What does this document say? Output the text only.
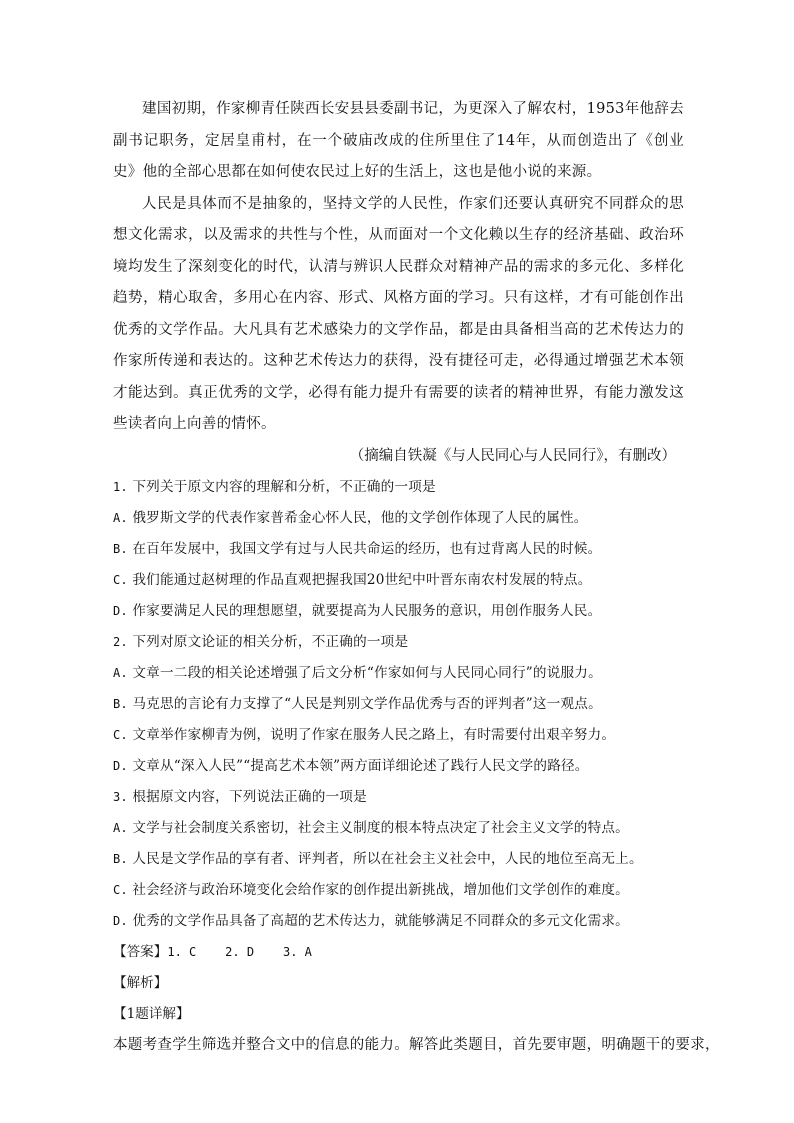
建国初期，作家柳青任陕西长安县县委副书记，为更深入了解农村，1953年他辞去副书记职务，定居皇甫村，在一个破庙改成的住所里住了14年，从而创造出了《创业史》他的全部心思都在如何使农民过上好的生活上，这也是他小说的来源。

人民是具体而不是抽象的，坚持文学的人民性，作家们还要认真研究不同群众的思想文化需求，以及需求的共性与个性，从而面对一个文化赖以生存的经济基础、政治环境均发生了深刻变化的时代，认清与辨识人民群众对精神产品的需求的多元化、多样化趋势，精心取舍，多用心在内容、形式、风格方面的学习。只有这样，才有可能创作出优秀的文学作品。大凡具有艺术感染力的文学作品，都是由具备相当高的艺术传达力的作家所传递和表达的。这种艺术传达力的获得，没有捷径可走，必得通过增强艺术本领才能达到。真正优秀的文学，必得有能力提升有需要的读者的精神世界，有能力激发这些读者向上向善的情怀。

（摘编自铁凝《与人民同心与人民同行》，有删改）

1. 下列关于原文内容的理解和分析，不正确的一项是

A. 俄罗斯文学的代表作家普希金心怀人民，他的文学创作体现了人民的属性。

B. 在百年发展中，我国文学有过与人民共命运的经历，也有过背离人民的时候。

C. 我们能通过赵树理的作品直观把握我国20世纪中叶晋东南农村发展的特点。

D. 作家要满足人民的理想愿望，就要提高为人民服务的意识，用创作服务人民。

2. 下列对原文论证的相关分析，不正确的一项是

A. 文章一二段的相关论述增强了后文分析“作家如何与人民同心同行”的说服力。

B. 马克思的言论有力支撑了“人民是判别文学作品优秀与否的评判者”这一观点。

C. 文章举作家柳青为例，说明了作家在服务人民之路上，有时需要付出艰辛努力。

D. 文章从“深入人民”“提高艺术本领”两方面详细论述了践行人民文学的路径。

3. 根据原文内容，下列说法正确的一项是

A. 文学与社会制度关系密切，社会主义制度的根本特点决定了社会主义文学的特点。

B. 人民是文学作品的享有者、评判者，所以在社会主义社会中，人民的地位至高无上。

C. 社会经济与政治环境变化会给作家的创作提出新挑战，增加他们文学创作的难度。

D. 优秀的文学作品具备了高超的艺术传达力，就能够满足不同群众的多元文化需求。

【答案】1. C    2. D    3. A

【解析】

【1题详解】

本题考查学生筛选并整合文中的信息的能力。解答此类题目，首先要审题，明确题干的要求，
